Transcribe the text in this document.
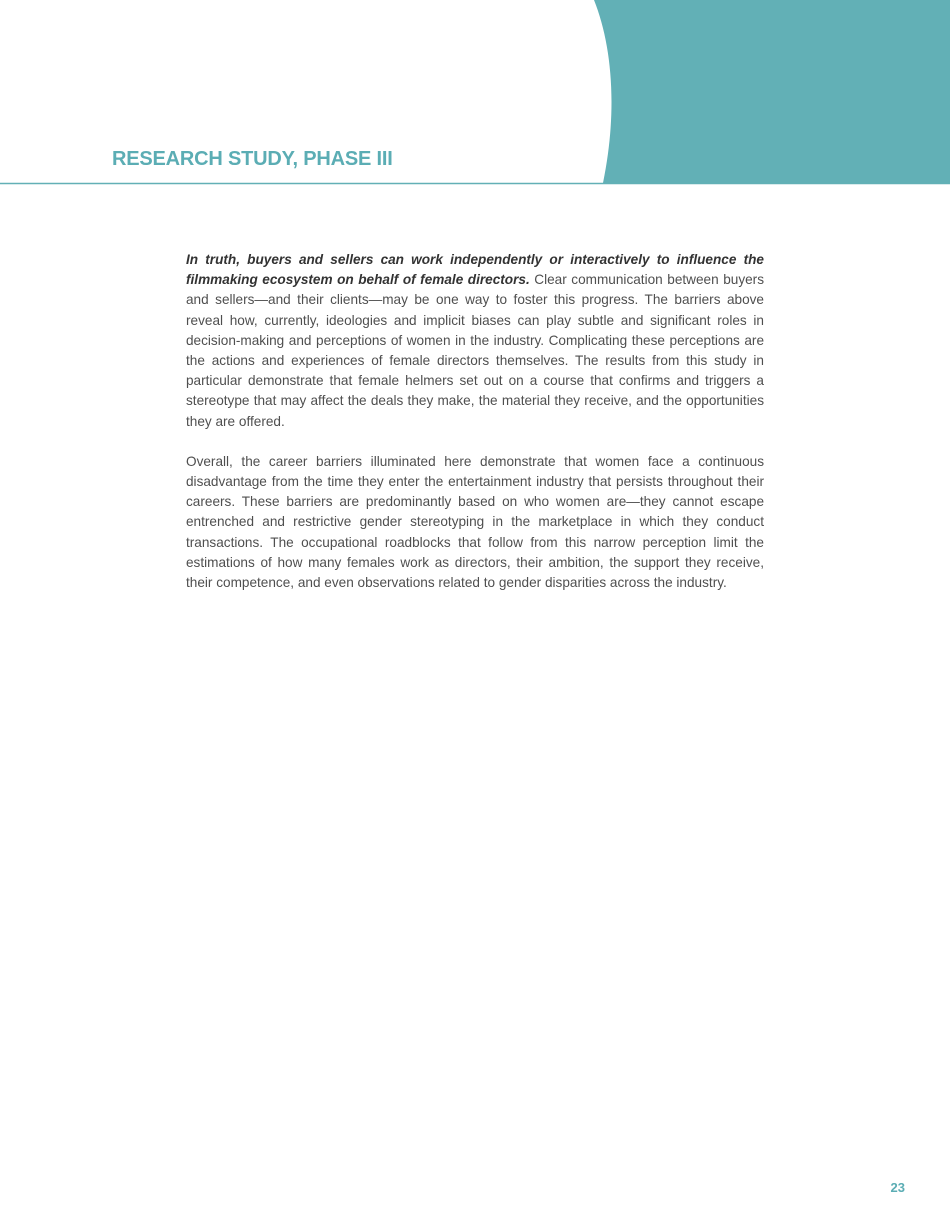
RESEARCH STUDY, PHASE III

In truth, buyers and sellers can work independently or interactively to influence the filmmaking ecosystem on behalf of female directors. Clear communication between buyers and sellers—and their clients—may be one way to foster this progress. The barriers above reveal how, currently, ideologies and implicit biases can play subtle and significant roles in decision-making and perceptions of women in the industry. Complicating these perceptions are the actions and experiences of female directors themselves. The results from this study in particular demonstrate that female helmers set out on a course that confirms and triggers a stereotype that may affect the deals they make, the material they receive, and the opportunities they are offered.

Overall, the career barriers illuminated here demonstrate that women face a continuous disadvantage from the time they enter the entertainment industry that persists throughout their careers. These barriers are predominantly based on who women are—they cannot escape entrenched and restrictive gender stereotyping in the marketplace in which they conduct transactions. The occupational roadblocks that follow from this narrow perception limit the estimations of how many females work as directors, their ambition, the support they receive, their competence, and even observations related to gender disparities across the industry.

23
